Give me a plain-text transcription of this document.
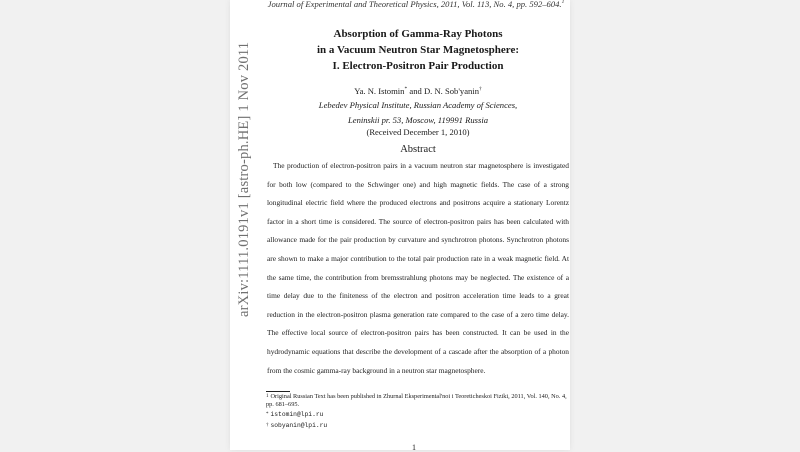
arXiv:1111.0191v1 [astro-ph.HE] 1 Nov 2011
Journal of Experimental and Theoretical Physics, 2011, Vol. 113, No. 4, pp. 592–604.$^1$
Absorption of Gamma-Ray Photons
in a Vacuum Neutron Star Magnetosphere:
I. Electron-Positron Pair Production
Ya. N. Istomin* and D. N. Sob'yanin†
Lebedev Physical Institute, Russian Academy of Sciences,
Leninskii pr. 53, Moscow, 119991 Russia
(Received December 1, 2010)
Abstract
The production of electron-positron pairs in a vacuum neutron star magnetosphere is investigated for both low (compared to the Schwinger one) and high magnetic fields. The case of a strong longitudinal electric field where the produced electrons and positrons acquire a stationary Lorentz factor in a short time is considered. The source of electron-positron pairs has been calculated with allowance made for the pair production by curvature and synchrotron photons. Synchrotron photons are shown to make a major contribution to the total pair production rate in a weak magnetic field. At the same time, the contribution from bremsstrahlung photons may be neglected. The existence of a time delay due to the finiteness of the electron and positron acceleration time leads to a great reduction in the electron-positron plasma generation rate compared to the case of a zero time delay. The effective local source of electron-positron pairs has been constructed. It can be used in the hydrodynamic equations that describe the development of a cascade after the absorption of a photon from the cosmic gamma-ray background in a neutron star magnetosphere.
$^1$ Original Russian Text has been published in Zhurnal Eksperimental'noi i Teoreticheskoi Fiziki, 2011, Vol. 140, No. 4, pp. 681–695.
* istomin@lpi.ru
† sobyanin@lpi.ru
1
